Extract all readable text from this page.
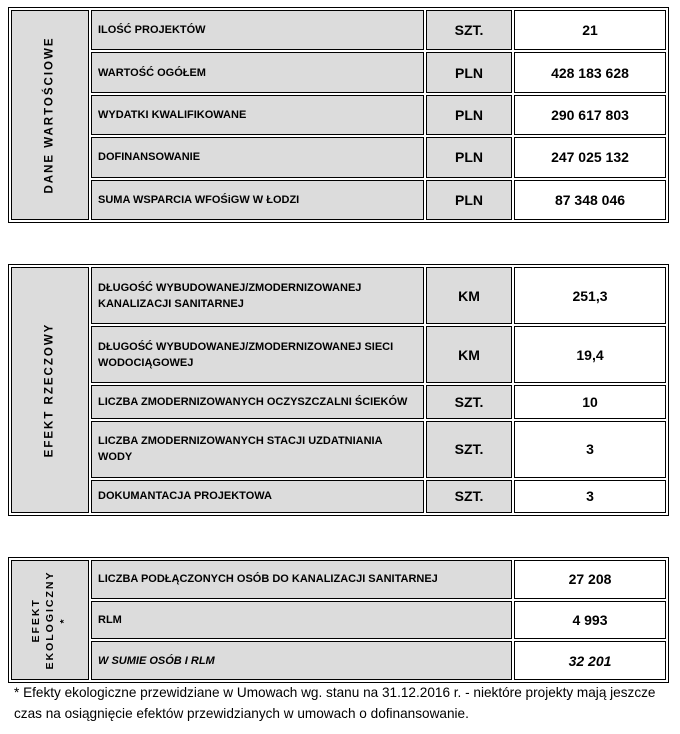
DANE WARTOŚCIOWE	ILOŚĆ PROJEKTÓW	SZT.	21
	WARTOŚĆ OGÓŁEM	PLN	428 183 628
	WYDATKI KWALIFIKOWANE	PLN	290 617 803
	DOFINANSOWANIE	PLN	247 025 132
	SUMA WSPARCIA WFOŚiGW W ŁODZI	PLN	87 348 046
EFEKT RZECZOWY	DŁUGOŚĆ WYBUDOWANEJ/ZMODERNIZOWANEJ KANALIZACJI SANITARNEJ	KM	251,3
	DŁUGOŚĆ WYBUDOWANEJ/ZMODERNIZOWANEJ SIECI WODOCIĄGOWEJ	KM	19,4
	LICZBA ZMODERNIZOWANYCH OCZYSZCZALNI ŚCIEKÓW	SZT.	10
	LICZBA ZMODERNIZOWANYCH STACJI UZDATNIANIA WODY	SZT.	3
	DOKUMANTACJA PROJEKTOWA	SZT.	3
EFEKT EKOLOGICZNY *	LICZBA PODŁĄCZONYCH OSÓB DO KANALIZACJI SANITARNEJ	27 208
	RLM	4 993
	W SUMIE OSÓB I RLM	32 201
* Efekty ekologiczne przewidziane w Umowach wg. stanu na 31.12.2016 r. - niektóre projekty mają jeszcze czas na osiągnięcie efektów przewidzianych w umowach o dofinansowanie.
